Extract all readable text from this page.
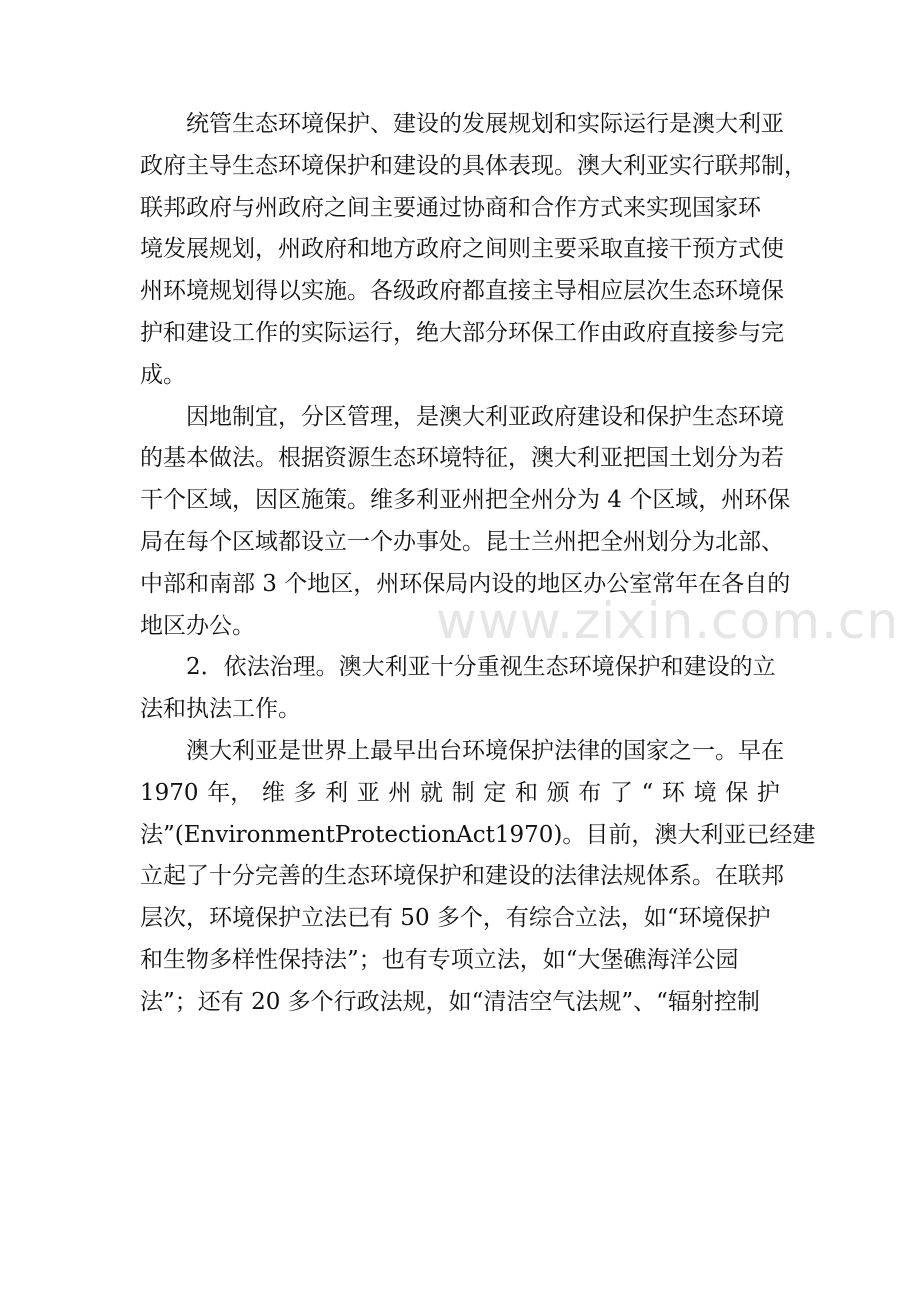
统管生态环境保护、建设的发展规划和实际运行是澳大利亚
政府主导生态环境保护和建设的具体表现。澳大利亚实行联邦制，
联邦政府与州政府之间主要通过协商和合作方式来实现国家环
境发展规划，州政府和地方政府之间则主要采取直接干预方式使
州环境规划得以实施。各级政府都直接主导相应层次生态环境保
护和建设工作的实际运行，绝大部分环保工作由政府直接参与完
成。
因地制宜，分区管理，是澳大利亚政府建设和保护生态环境
的基本做法。根据资源生态环境特征，澳大利亚把国土划分为若
干个区域，因区施策。维多利亚州把全州分为 4 个区域，州环保
局在每个区域都设立一个办事处。昆士兰州把全州划分为北部、
中部和南部 3 个地区，州环保局内设的地区办公室常年在各自的
地区办公。
2．依法治理。澳大利亚十分重视生态环境保护和建设的立
法和执法工作。
澳大利亚是世界上最早出台环境保护法律的国家之一。早在
1970 年， 维 多 利 亚 州 就 制 定 和 颁 布 了 “ 环 境 保 护
法”(EnvironmentProtectionAct1970)。目前，澳大利亚已经建
立起了十分完善的生态环境保护和建设的法律法规体系。在联邦
层次，环境保护立法已有 50 多个，有综合立法，如“环境保护
和生物多样性保持法”；也有专项立法，如“大堡礁海洋公园
法”；还有 20 多个行政法规，如“清洁空气法规”、“辐射控制
www.zixin.com.cn
